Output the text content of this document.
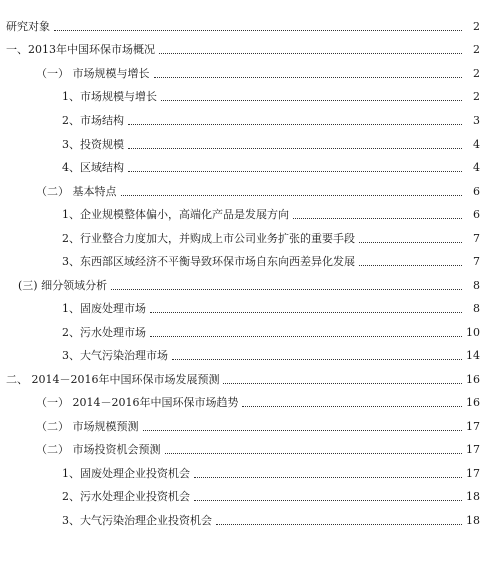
研究对象	2
一、2013年中国环保市场概况	2
（一） 市场规模与增长	2
1、市场规模与增长	2
2、市场结构	3
3、投资规模	4
4、区域结构	4
（二） 基本特点	6
1、企业规模整体偏小，高端化产品是发展方向	6
2、行业整合力度加大，并购成上市公司业务扩张的重要手段	7
3、东西部区域经济不平衡导致环保市场自东向西差异化发展	7
(三) 细分领域分析	8
1、固废处理市场	8
2、污水处理市场	10
3、大气污染治理市场	14
二、 2014－2016年中国环保市场发展预测	16
（一） 2014－2016年中国环保市场趋势	16
（二） 市场规模预测	17
（二） 市场投资机会预测	17
1、固废处理企业投资机会	17
2、污水处理企业投资机会	18
3、大气污染治理企业投资机会	18
